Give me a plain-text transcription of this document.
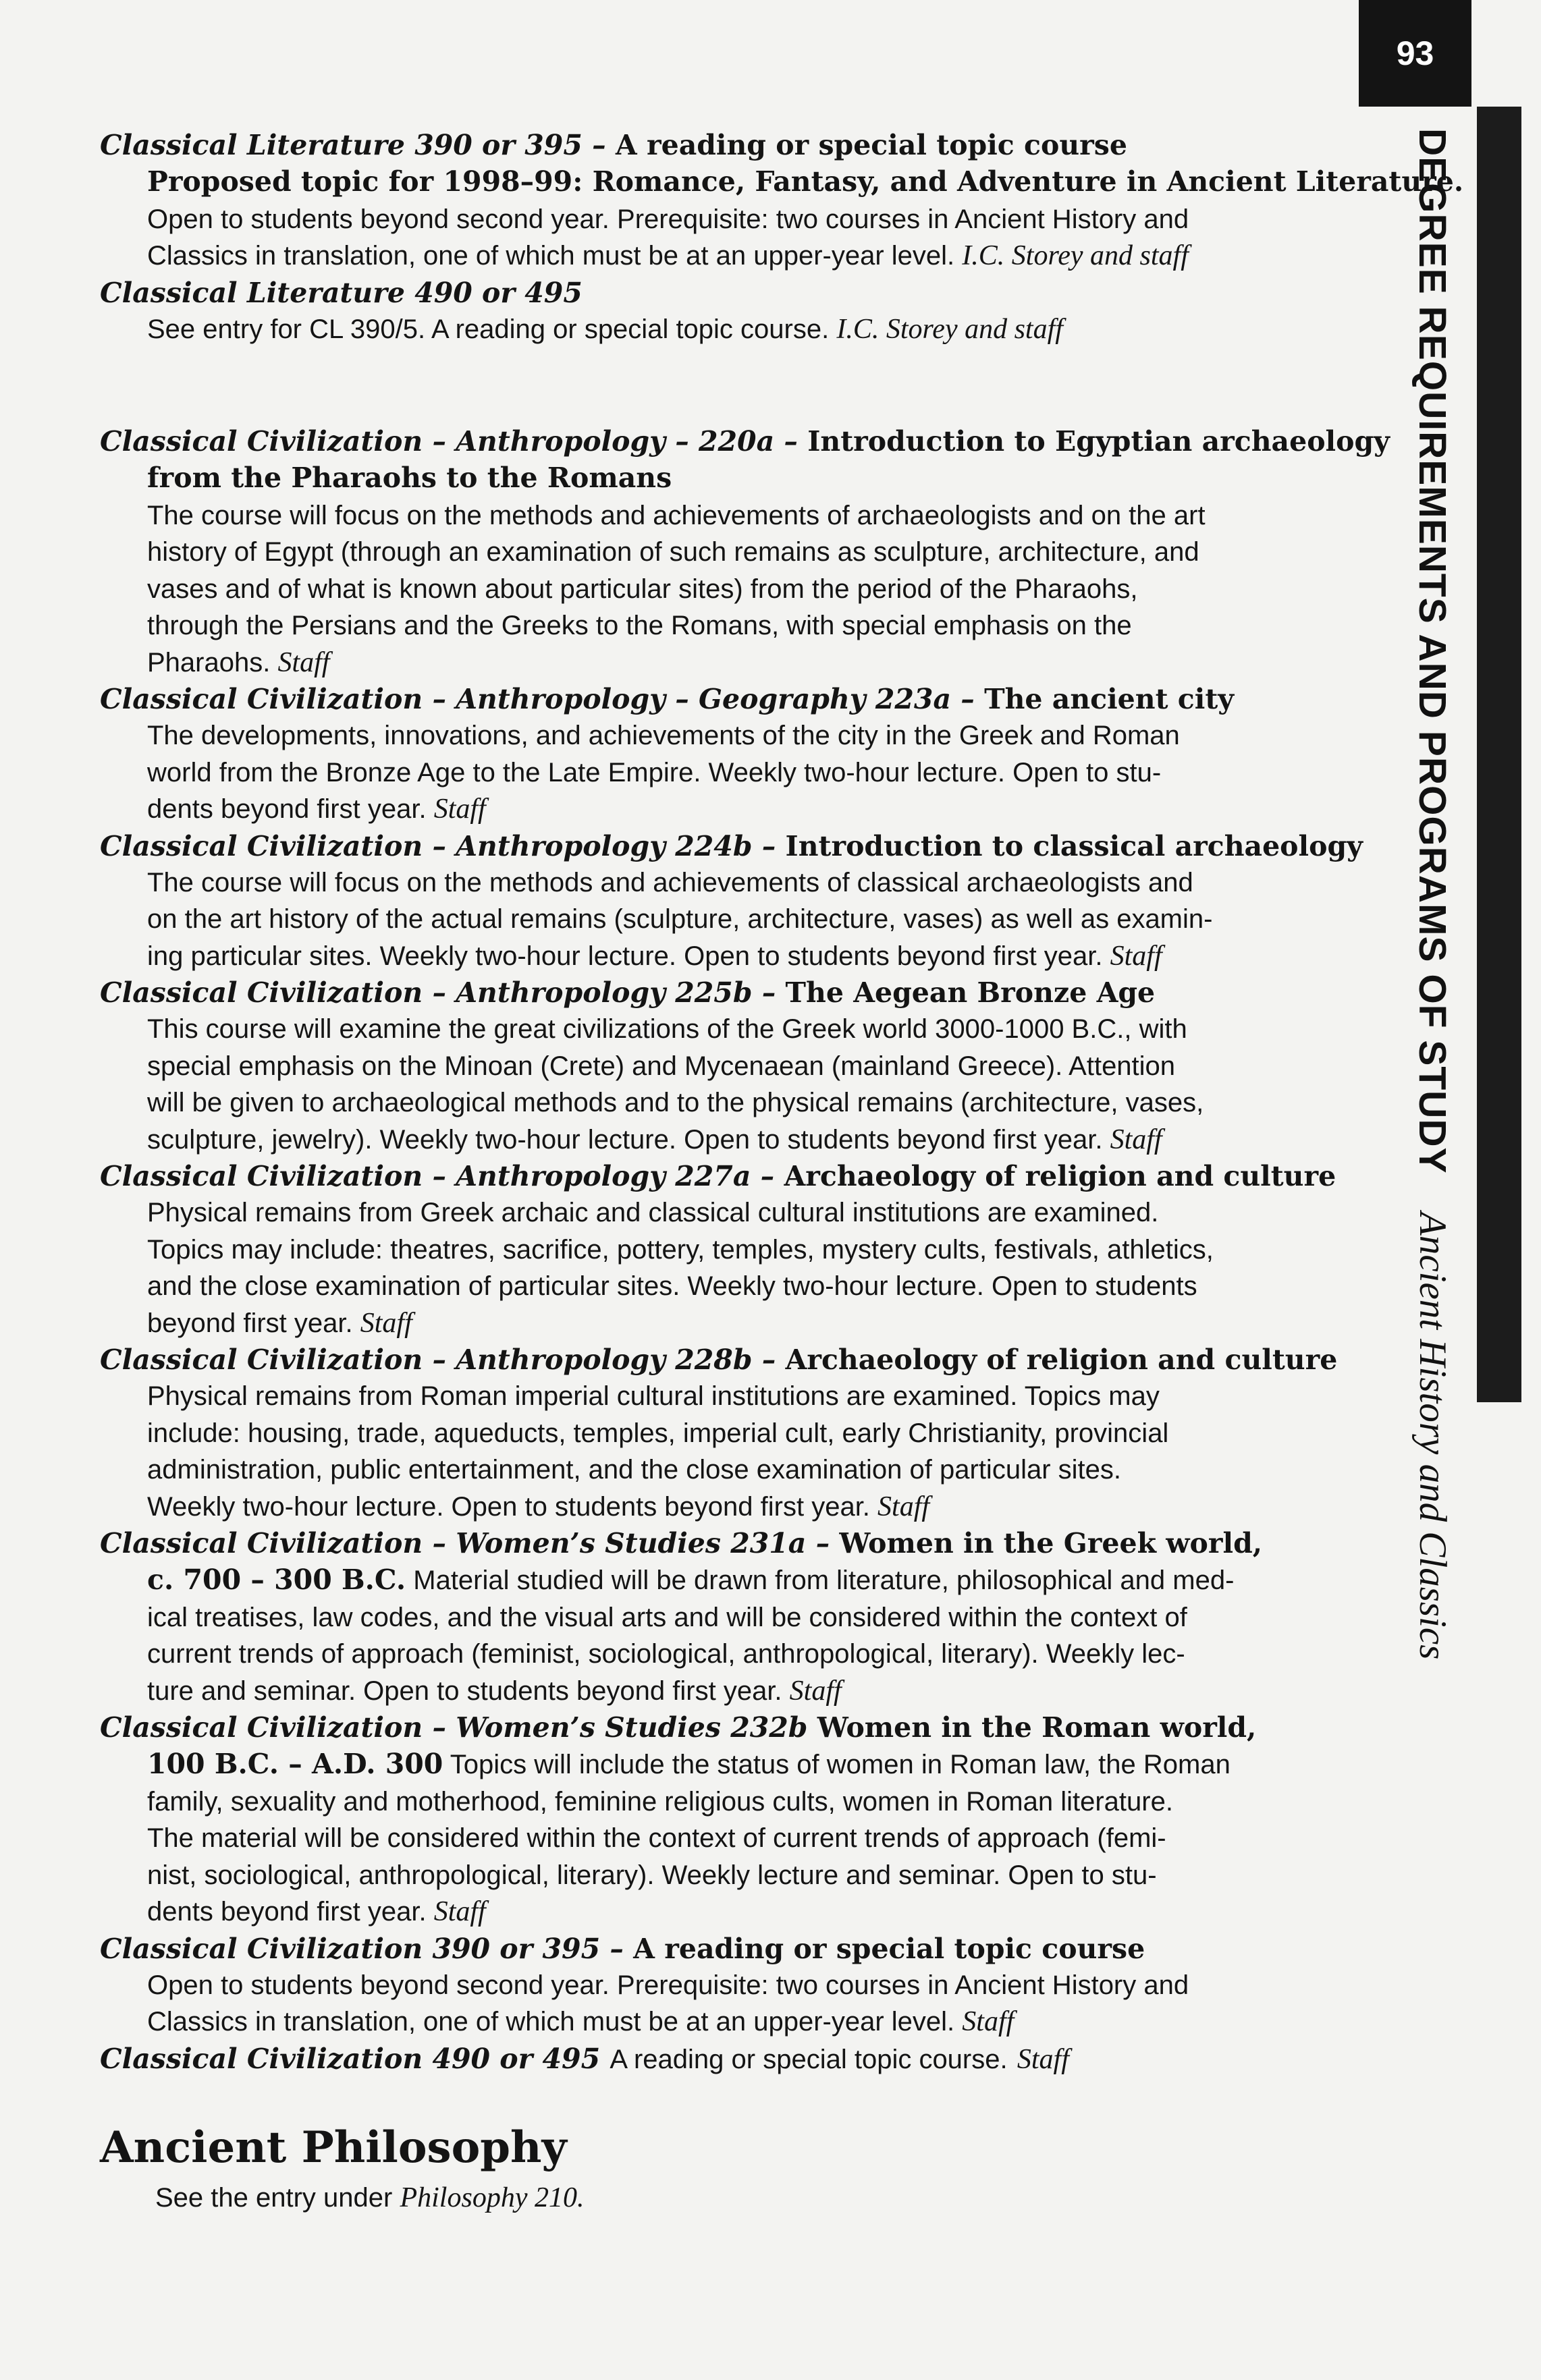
93
DEGREE REQUIREMENTS AND PROGRAMS OF STUDY Ancient History and Classics

Classical Literature 390 or 395 – A reading or special topic course

Proposed topic for 1998–99: Romance, Fantasy, and Adventure in Ancient Literature.

Open to students beyond second year. Prerequisite: two courses in Ancient History and

Classics in translation, one of which must be at an upper-year level. I.C. Storey and staff

Classical Literature 490 or 495

See entry for CL 390/5. A reading or special topic course. I.C. Storey and staff

Classical Civilization – Anthropology – 220a – Introduction to Egyptian archaeology

from the Pharaohs to the Romans

The course will focus on the methods and achievements of archaeologists and on the art

history of Egypt (through an examination of such remains as sculpture, architecture, and

vases and of what is known about particular sites) from the period of the Pharaohs,

through the Persians and the Greeks to the Romans, with special emphasis on the

Pharaohs. Staff

Classical Civilization – Anthropology – Geography 223a – The ancient city

The developments, innovations, and achievements of the city in the Greek and Roman

world from the Bronze Age to the Late Empire. Weekly two-hour lecture. Open to stu-

dents beyond first year. Staff

Classical Civilization – Anthropology 224b – Introduction to classical archaeology

The course will focus on the methods and achievements of classical archaeologists and

on the art history of the actual remains (sculpture, architecture, vases) as well as examin-

ing particular sites. Weekly two-hour lecture. Open to students beyond first year. Staff

Classical Civilization – Anthropology 225b – The Aegean Bronze Age

This course will examine the great civilizations of the Greek world 3000-1000 B.C., with

special emphasis on the Minoan (Crete) and Mycenaean (mainland Greece). Attention

will be given to archaeological methods and to the physical remains (architecture, vases,

sculpture, jewelry). Weekly two-hour lecture. Open to students beyond first year. Staff

Classical Civilization – Anthropology 227a – Archaeology of religion and culture

Physical remains from Greek archaic and classical cultural institutions are examined.

Topics may include: theatres, sacrifice, pottery, temples, mystery cults, festivals, athletics,

and the close examination of particular sites. Weekly two-hour lecture. Open to students

beyond first year. Staff

Classical Civilization – Anthropology 228b – Archaeology of religion and culture

Physical remains from Roman imperial cultural institutions are examined. Topics may

include: housing, trade, aqueducts, temples, imperial cult, early Christianity, provincial

administration, public entertainment, and the close examination of particular sites.

Weekly two-hour lecture. Open to students beyond first year. Staff

Classical Civilization – Women’s Studies 231a – Women in the Greek world,

c. 700 – 300 B.C. Material studied will be drawn from literature, philosophical and med-

ical treatises, law codes, and the visual arts and will be considered within the context of

current trends of approach (feminist, sociological, anthropological, literary). Weekly lec-

ture and seminar. Open to students beyond first year. Staff

Classical Civilization – Women’s Studies 232b Women in the Roman world,

100 B.C. – A.D. 300 Topics will include the status of women in Roman law, the Roman

family, sexuality and motherhood, feminine religious cults, women in Roman literature.

The material will be considered within the context of current trends of approach (femi-

nist, sociological, anthropological, literary). Weekly lecture and seminar. Open to stu-

dents beyond first year. Staff

Classical Civilization 390 or 395 – A reading or special topic course

Open to students beyond second year. Prerequisite: two courses in Ancient History and

Classics in translation, one of which must be at an upper-year level. Staff

Classical Civilization 490 or 495 A reading or special topic course. Staff

Ancient Philosophy
See the entry under Philosophy 210.
